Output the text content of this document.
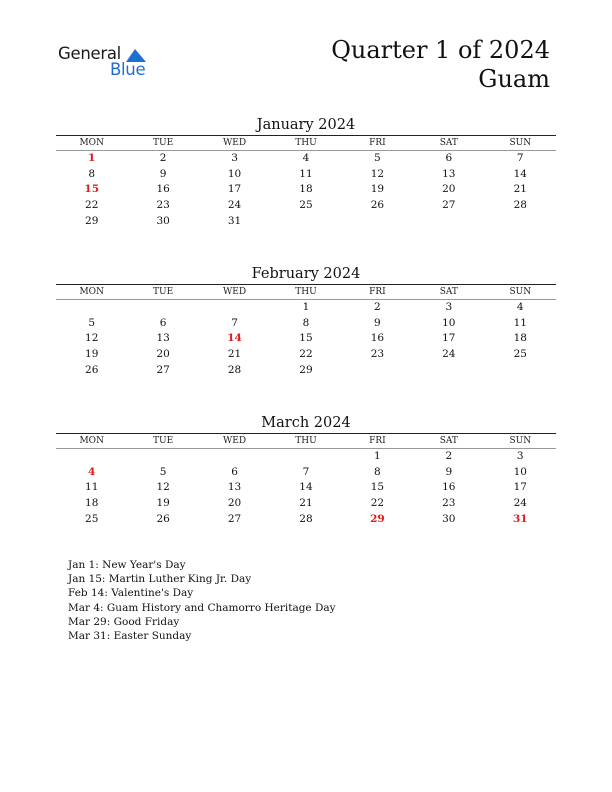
General
Blue
Quarter 1 of 2024
Guam
January 2024
MON	TUE	WED	THU	FRI	SAT	SUN
1	2	3	4	5	6	7
8	9	10	11	12	13	14
15	16	17	18	19	20	21
22	23	24	25	26	27	28
29	30	31				

February 2024
MON	TUE	WED	THU	FRI	SAT	SUN
			1	2	3	4
5	6	7	8	9	10	11
12	13	14	15	16	17	18
19	20	21	22	23	24	25
26	27	28	29			

March 2024
MON	TUE	WED	THU	FRI	SAT	SUN
				1	2	3
4	5	6	7	8	9	10
11	12	13	14	15	16	17
18	19	20	21	22	23	24
25	26	27	28	29	30	31

Jan 1: New Year's Day
Jan 15: Martin Luther King Jr. Day
Feb 14: Valentine's Day
Mar 4: Guam History and Chamorro Heritage Day
Mar 29: Good Friday
Mar 31: Easter Sunday
